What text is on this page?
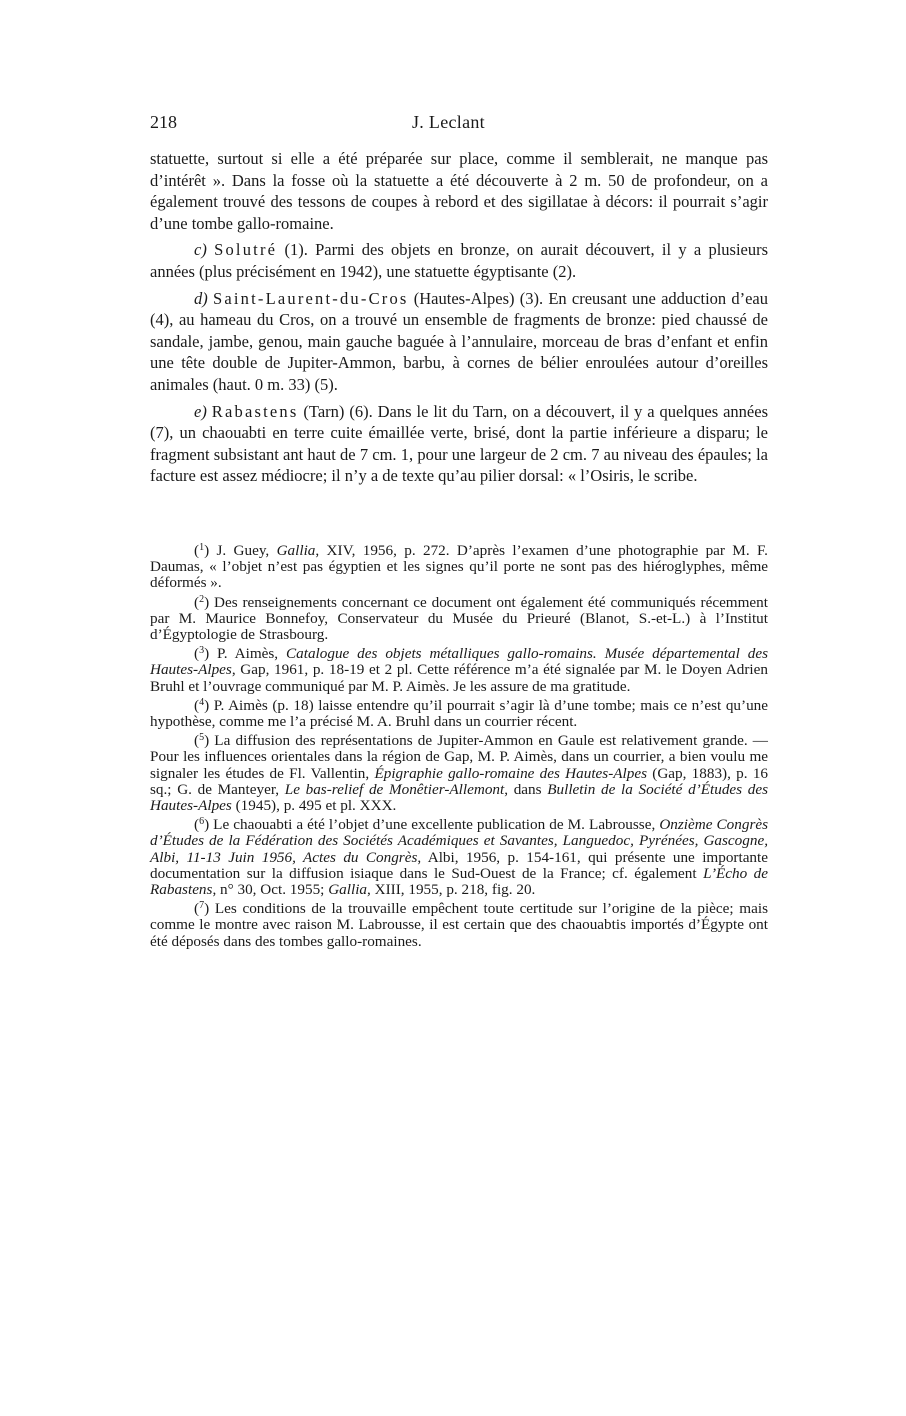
218	J. Leclant

statuette, surtout si elle a été préparée sur place, comme il semblerait, ne manque pas d’intérêt ». Dans la fosse où la statuette a été découverte à 2 m. 50 de profondeur, on a également trouvé des tessons de coupes à rebord et des sigillatae à décors: il pourrait s’agir d’une tombe gallo-romaine.

c) Solutré (1). Parmi des objets en bronze, on aurait découvert, il y a plusieurs années (plus précisément en 1942), une statuette égyptisante (2).

d) Saint-Laurent-du-Cros (Hautes-Alpes) (3). En creusant une adduction d’eau (4), au hameau du Cros, on a trouvé un ensemble de fragments de bronze: pied chaussé de sandale, jambe, genou, main gauche baguée à l’annulaire, morceau de bras d’enfant et enfin une tête double de Jupiter-Ammon, barbu, à cornes de bélier enroulées autour d’oreilles animales (haut. 0 m. 33) (5).

e) Rabastens (Tarn) (6). Dans le lit du Tarn, on a découvert, il y a quelques années (7), un chaouabti en terre cuite émaillée verte, brisé, dont la partie inférieure a disparu; le fragment subsistant ant haut de 7 cm. 1, pour une largeur de 2 cm. 7 au niveau des épaules; la facture est assez médiocre; il n’y a de texte qu’au pilier dorsal: « l’Osiris, le scribe.

($^1$) J. Guey, Gallia, XIV, 1956, p. 272. D’après l’examen d’une photographie par M. F. Daumas, « l’objet n’est pas égyptien et les signes qu’il porte ne sont pas des hiéroglyphes, même déformés ».

($^2$) Des renseignements concernant ce document ont également été communiqués récemment par M. Maurice Bonnefoy, Conservateur du Musée du Prieuré (Blanot, S.-et-L.) à l’Institut d’Égyptologie de Strasbourg.

($^3$) P. Aimès, Catalogue des objets métalliques gallo-romains. Musée départemental des Hautes-Alpes, Gap, 1961, p. 18-19 et 2 pl. Cette référence m’a été signalée par M. le Doyen Adrien Bruhl et l’ouvrage communiqué par M. P. Aimès. Je les assure de ma gratitude.

($^4$) P. Aimès (p. 18) laisse entendre qu’il pourrait s’agir là d’une tombe; mais ce n’est qu’une hypothèse, comme me l’a précisé M. A. Bruhl dans un courrier récent.

($^5$) La diffusion des représentations de Jupiter-Ammon en Gaule est relativement grande. — Pour les influences orientales dans la région de Gap, M. P. Aimès, dans un courrier, a bien voulu me signaler les études de Fl. Vallentin, Épigraphie gallo-romaine des Hautes-Alpes (Gap, 1883), p. 16 sq.; G. de Manteyer, Le bas-relief de Monêtier-Allemont, dans Bulletin de la Société d’Études des Hautes-Alpes (1945), p. 495 et pl. XXX.

($^6$) Le chaouabti a été l’objet d’une excellente publication de M. Labrousse, Onzième Congrès d’Études de la Fédération des Sociétés Académiques et Savantes, Languedoc, Pyrénées, Gascogne, Albi, 11-13 Juin 1956, Actes du Congrès, Albi, 1956, p. 154-161, qui présente une importante documentation sur la diffusion isiaque dans le Sud-Ouest de la France; cf. également L’Écho de Rabastens, n° 30, Oct. 1955; Gallia, XIII, 1955, p. 218, fig. 20.

($^7$) Les conditions de la trouvaille empêchent toute certitude sur l’origine de la pièce; mais comme le montre avec raison M. Labrousse, il est certain que des chaouabtis importés d’Égypte ont été déposés dans des tombes gallo-romaines.
